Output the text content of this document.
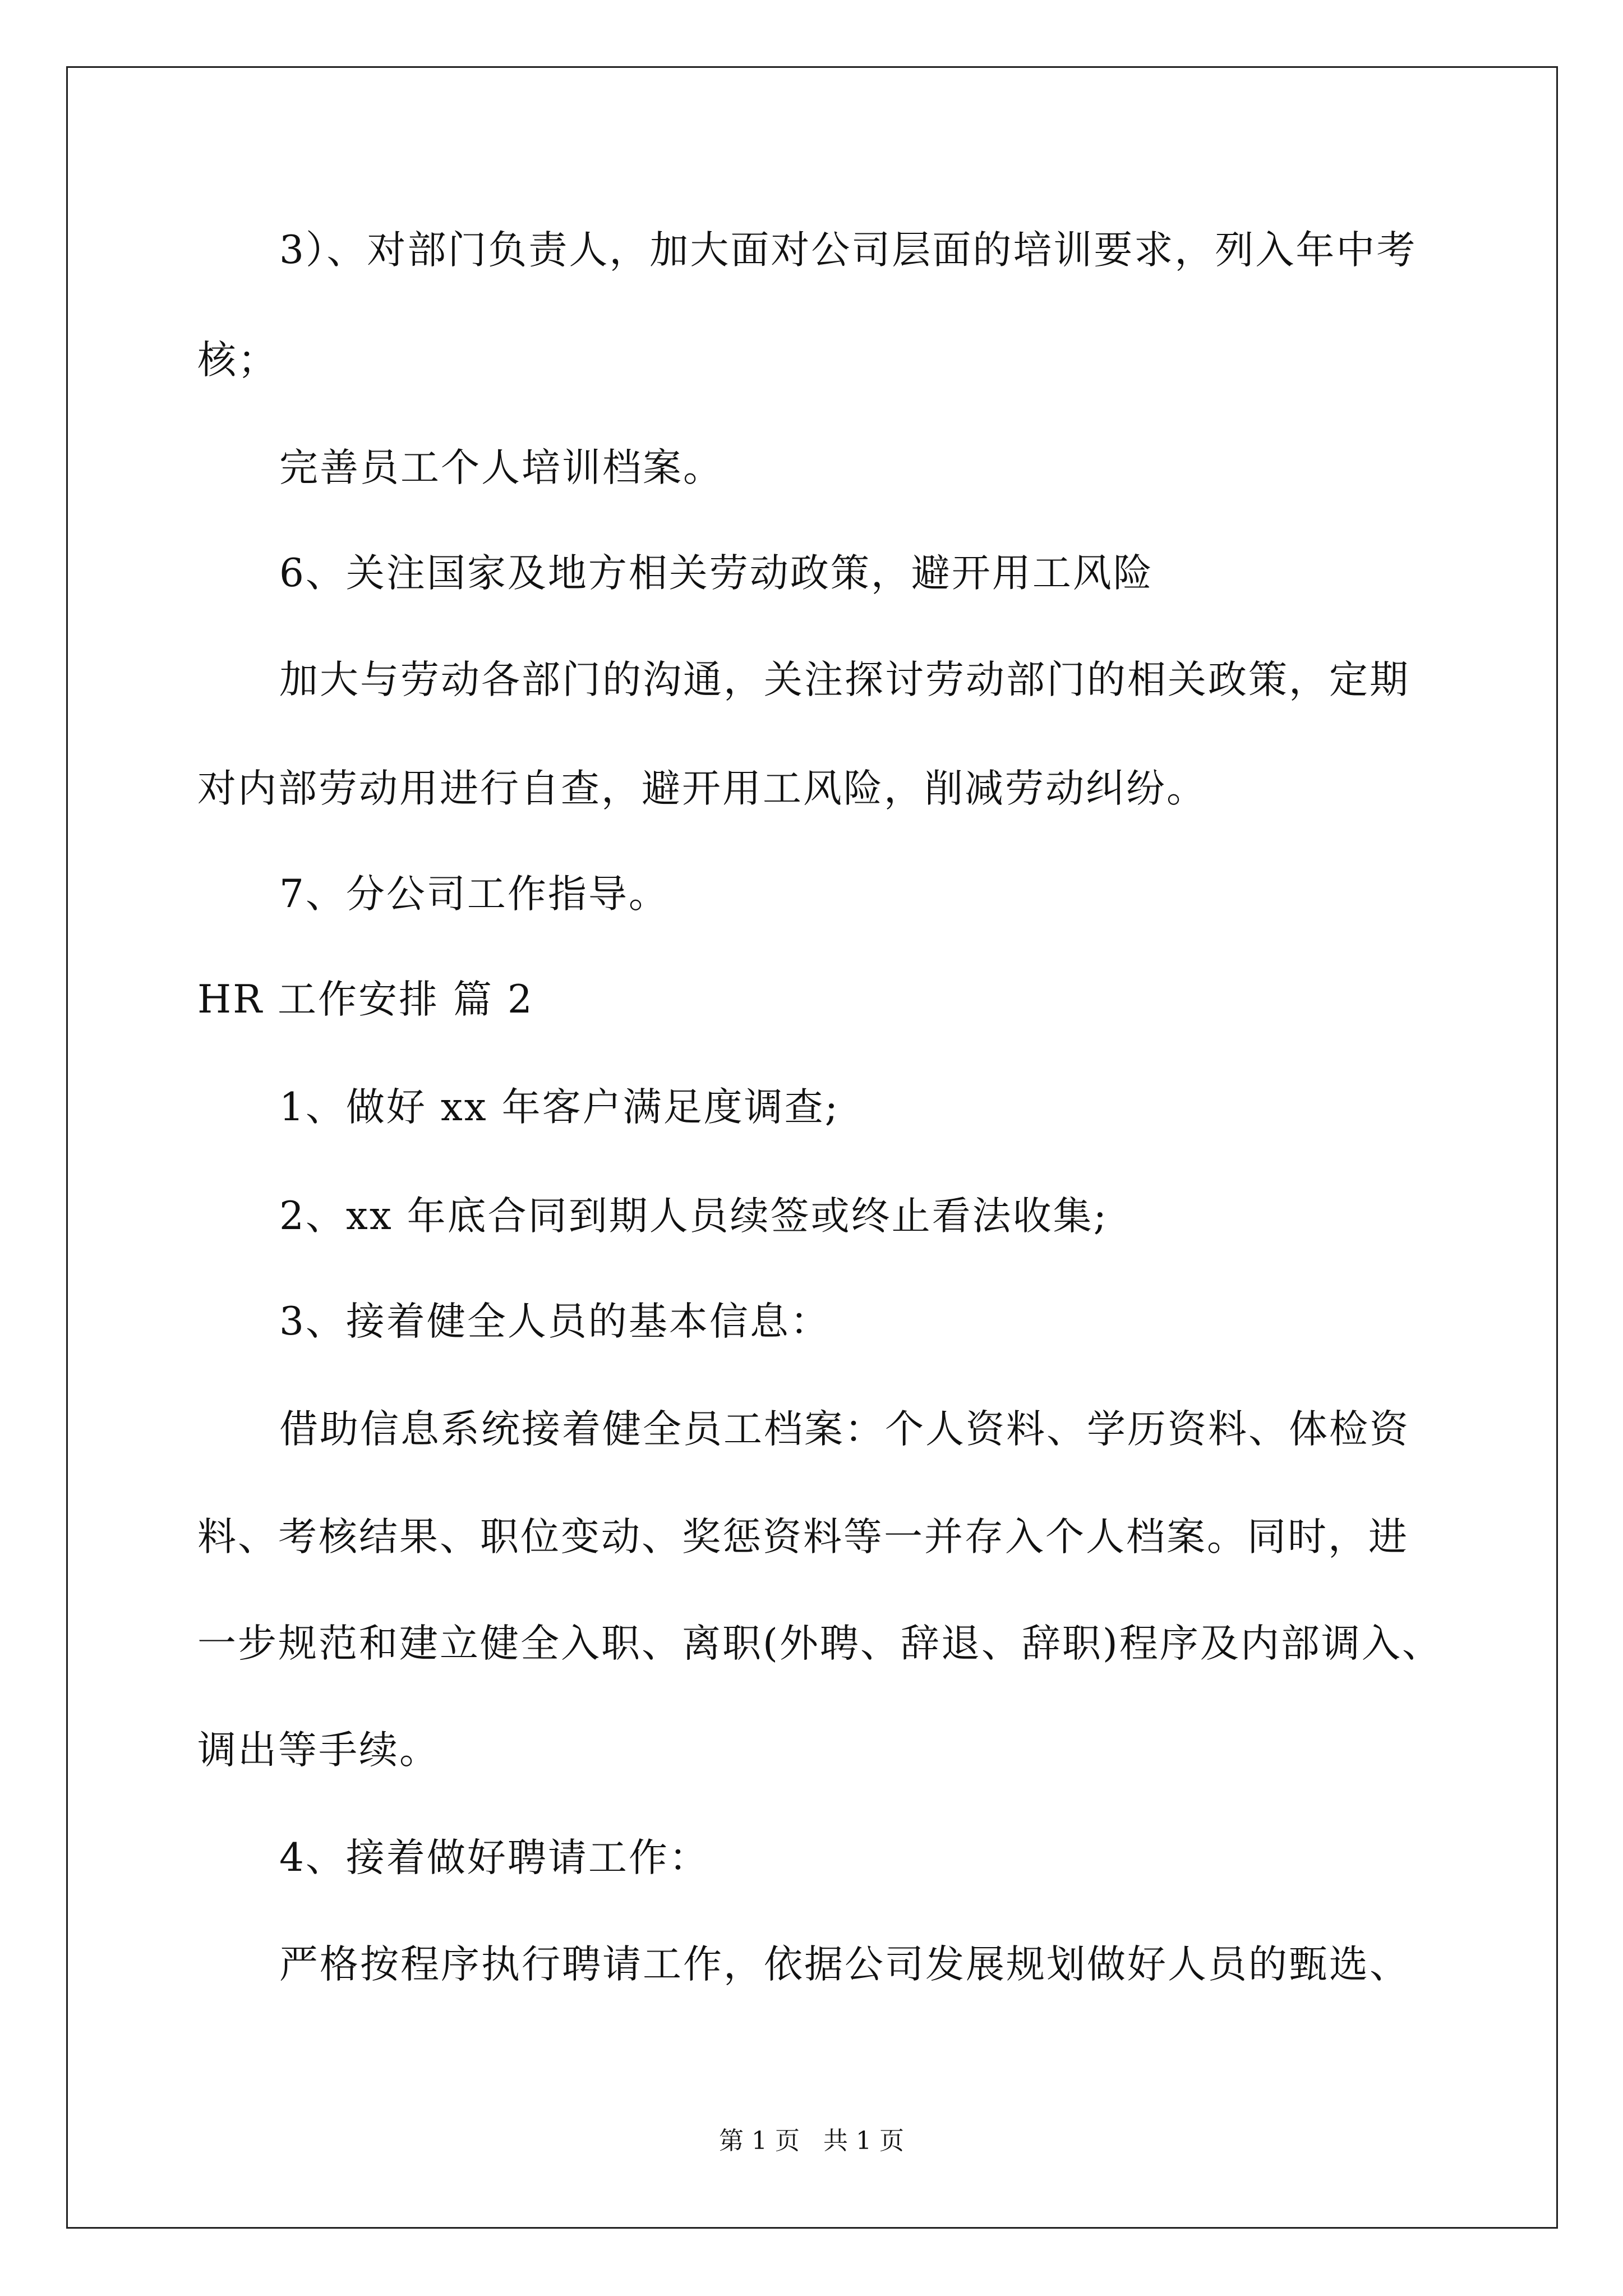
3）、对部门负责人，加大面对公司层面的培训要求，列入年中考
核；
完善员工个人培训档案。
6、关注国家及地方相关劳动政策，避开用工风险
加大与劳动各部门的沟通，关注探讨劳动部门的相关政策，定期
对内部劳动用进行自查，避开用工风险，削减劳动纠纷。
7、分公司工作指导。
HR 工作安排 篇 2
1、做好 xx 年客户满足度调查;
2、xx 年底合同到期人员续签或终止看法收集;
3、接着健全人员的基本信息：
借助信息系统接着健全员工档案：个人资料、学历资料、体检资
料、考核结果、职位变动、奖惩资料等一并存入个人档案。同时，进
一步规范和建立健全入职、离职(外聘、辞退、辞职)程序及内部调入、
调出等手续。
4、接着做好聘请工作：
严格按程序执行聘请工作，依据公司发展规划做好人员的甄选、
第 1 页   共 1 页
